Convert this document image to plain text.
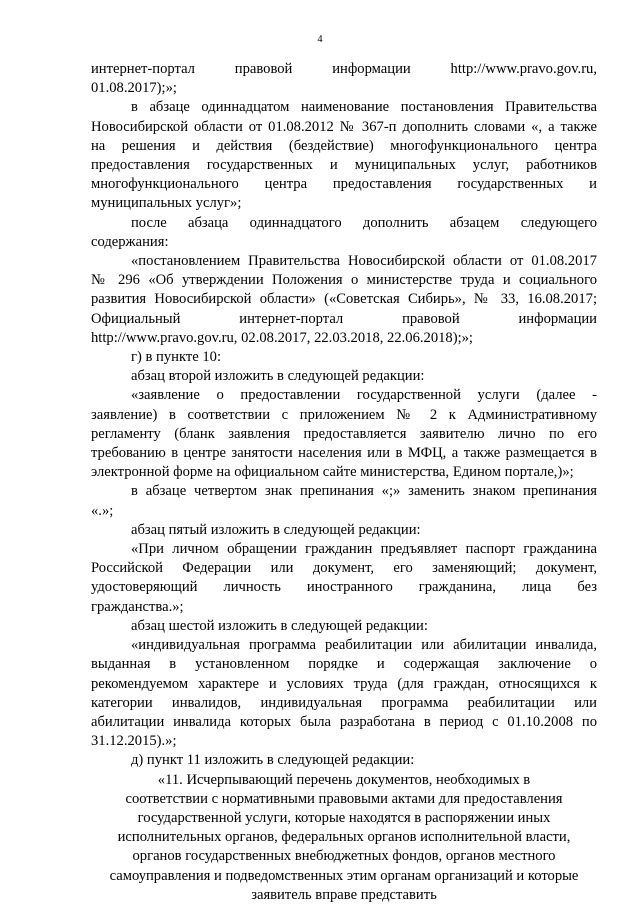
4

интернет-портал правовой информации http://www.pravo.gov.ru,

01.08.2017);»;

в абзаце одиннадцатом наименование постановления Правительства

Новосибирской области от 01.08.2012 № 367-п дополнить словами «, а также

на решения и действия (бездействие) многофункционального центра

предоставления государственных и муниципальных услуг, работников

многофункционального центра предоставления государственных и

муниципальных услуг»;

после абзаца одиннадцатого дополнить абзацем следующего

содержания:

«постановлением Правительства Новосибирской области от 01.08.2017

№ 296 «Об утверждении Положения о министерстве труда и социального

развития Новосибирской области» («Советская Сибирь», № 33, 16.08.2017;

Официальный интернет-портал правовой информации

http://www.pravo.gov.ru, 02.08.2017, 22.03.2018, 22.06.2018);»;

г) в пункте 10:

абзац второй изложить в следующей редакции:

«заявление о предоставлении государственной услуги (далее -

заявление) в соответствии с приложением № 2 к Административному

регламенту (бланк заявления предоставляется заявителю лично по его

требованию в центре занятости населения или в МФЦ, а также размещается в

электронной форме на официальном сайте министерства, Едином портале,)»;

в абзаце четвертом знак препинания «;» заменить знаком препинания

«.»;

абзац пятый изложить в следующей редакции:

«При личном обращении гражданин предъявляет паспорт гражданина

Российской Федерации или документ, его заменяющий; документ,

удостоверяющий личность иностранного гражданина, лица без

гражданства.»;

абзац шестой изложить в следующей редакции:

«индивидуальная программа реабилитации или абилитации инвалида,

выданная в установленном порядке и содержащая заключение о

рекомендуемом характере и условиях труда (для граждан, относящихся к

категории инвалидов, индивидуальная программа реабилитации или

абилитации инвалида которых была разработана в период с 01.10.2008 по

31.12.2015).»;

д) пункт 11 изложить в следующей редакции:

«11. Исчерпывающий перечень документов, необходимых в

соответствии с нормативными правовыми актами для предоставления

государственной услуги, которые находятся в распоряжении иных

исполнительных органов, федеральных органов исполнительной власти,

органов государственных внебюджетных фондов, органов местного

самоуправления и подведомственных этим органам организаций и которые

заявитель вправе представить
